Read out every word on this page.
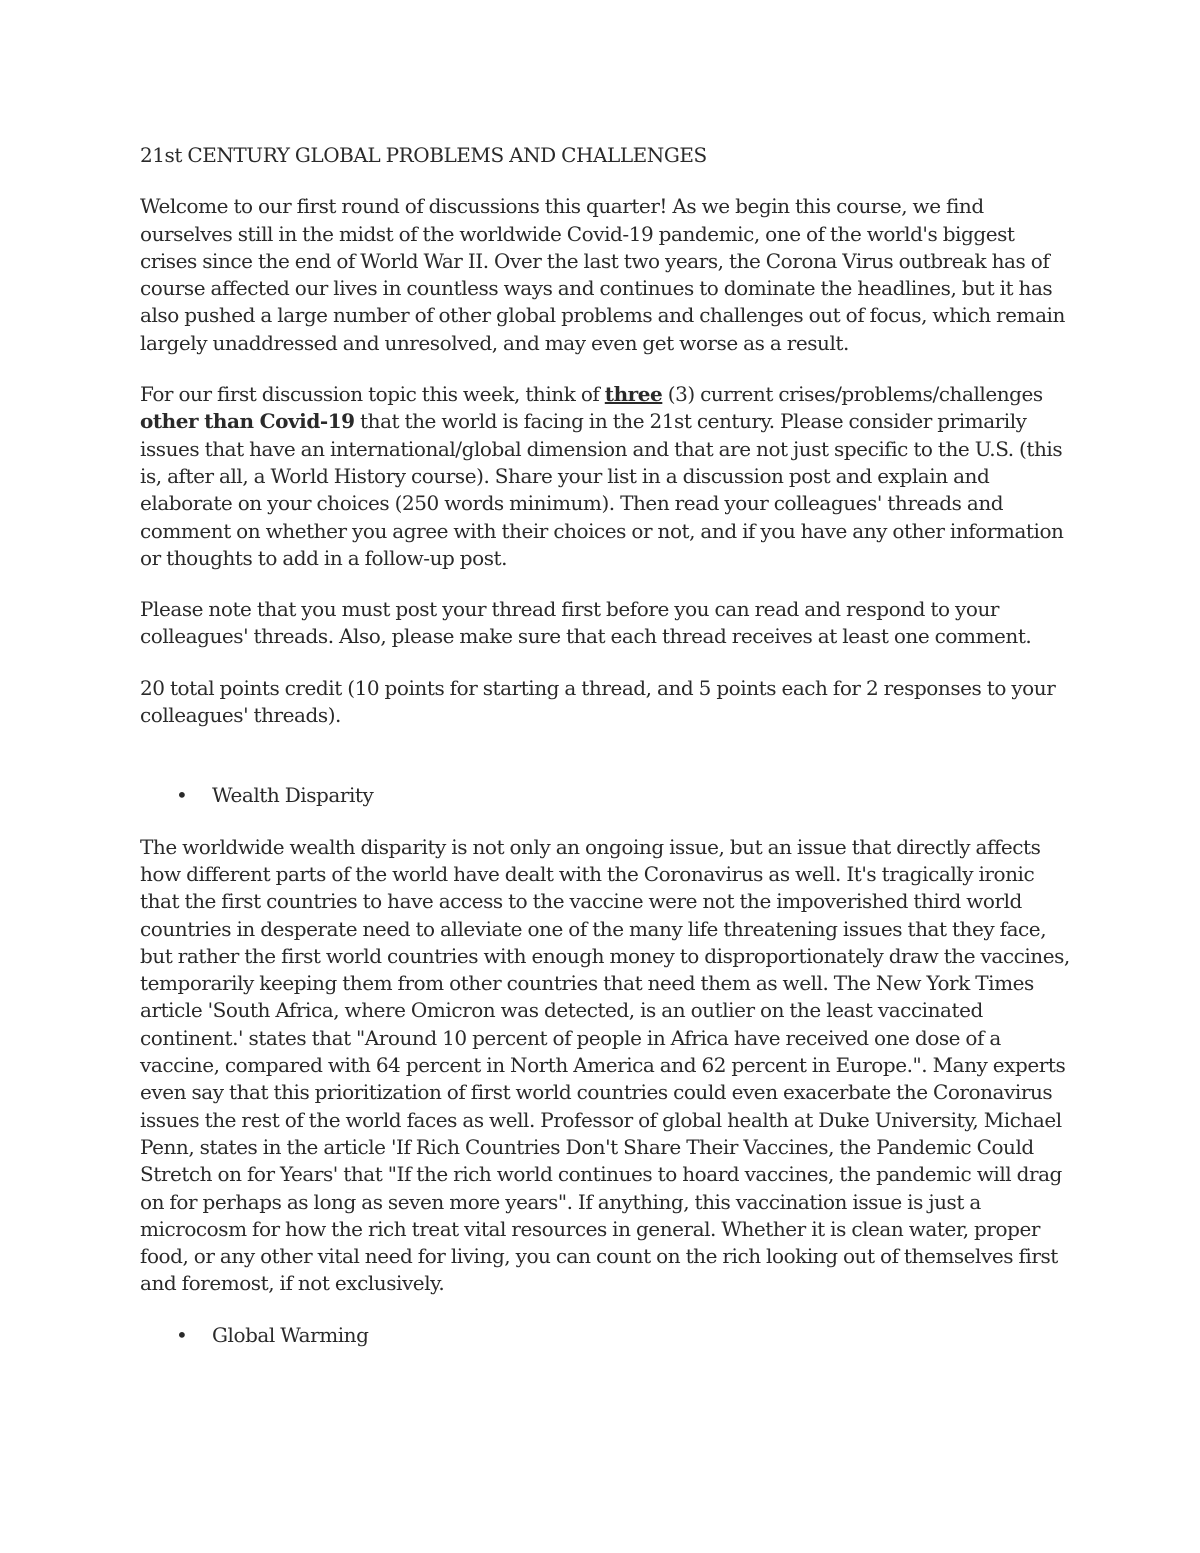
21st CENTURY GLOBAL PROBLEMS AND CHALLENGES

Welcome to our first round of discussions this quarter! As we begin this course, we find ourselves still in the midst of the worldwide Covid-19 pandemic, one of the world's biggest crises since the end of World War II. Over the last two years, the Corona Virus outbreak has of course affected our lives in countless ways and continues to dominate the headlines, but it has also pushed a large number of other global problems and challenges out of focus, which remain largely unaddressed and unresolved, and may even get worse as a result.

For our first discussion topic this week, think of three (3) current crises/problems/challenges other than Covid-19 that the world is facing in the 21st century. Please consider primarily issues that have an international/global dimension and that are not just specific to the U.S. (this is, after all, a World History course). Share your list in a discussion post and explain and elaborate on your choices (250 words minimum). Then read your colleagues' threads and comment on whether you agree with their choices or not, and if you have any other information or thoughts to add in a follow-up post.

Please note that you must post your thread first before you can read and respond to your colleagues' threads. Also, please make sure that each thread receives at least one comment.

20 total points credit (10 points for starting a thread, and 5 points each for 2 responses to your colleagues' threads).

• Wealth Disparity

The worldwide wealth disparity is not only an ongoing issue, but an issue that directly affects how different parts of the world have dealt with the Coronavirus as well. It's tragically ironic that the first countries to have access to the vaccine were not the impoverished third world countries in desperate need to alleviate one of the many life threatening issues that they face, but rather the first world countries with enough money to disproportionately draw the vaccines, temporarily keeping them from other countries that need them as well. The New York Times article 'South Africa, where Omicron was detected, is an outlier on the least vaccinated continent.' states that "Around 10 percent of people in Africa have received one dose of a vaccine, compared with 64 percent in North America and 62 percent in Europe.". Many experts even say that this prioritization of first world countries could even exacerbate the Coronavirus issues the rest of the world faces as well. Professor of global health at Duke University, Michael Penn, states in the article 'If Rich Countries Don't Share Their Vaccines, the Pandemic Could Stretch on for Years' that "If the rich world continues to hoard vaccines, the pandemic will drag on for perhaps as long as seven more years". If anything, this vaccination issue is just a microcosm for how the rich treat vital resources in general. Whether it is clean water, proper food, or any other vital need for living, you can count on the rich looking out of themselves first and foremost, if not exclusively.

• Global Warming
